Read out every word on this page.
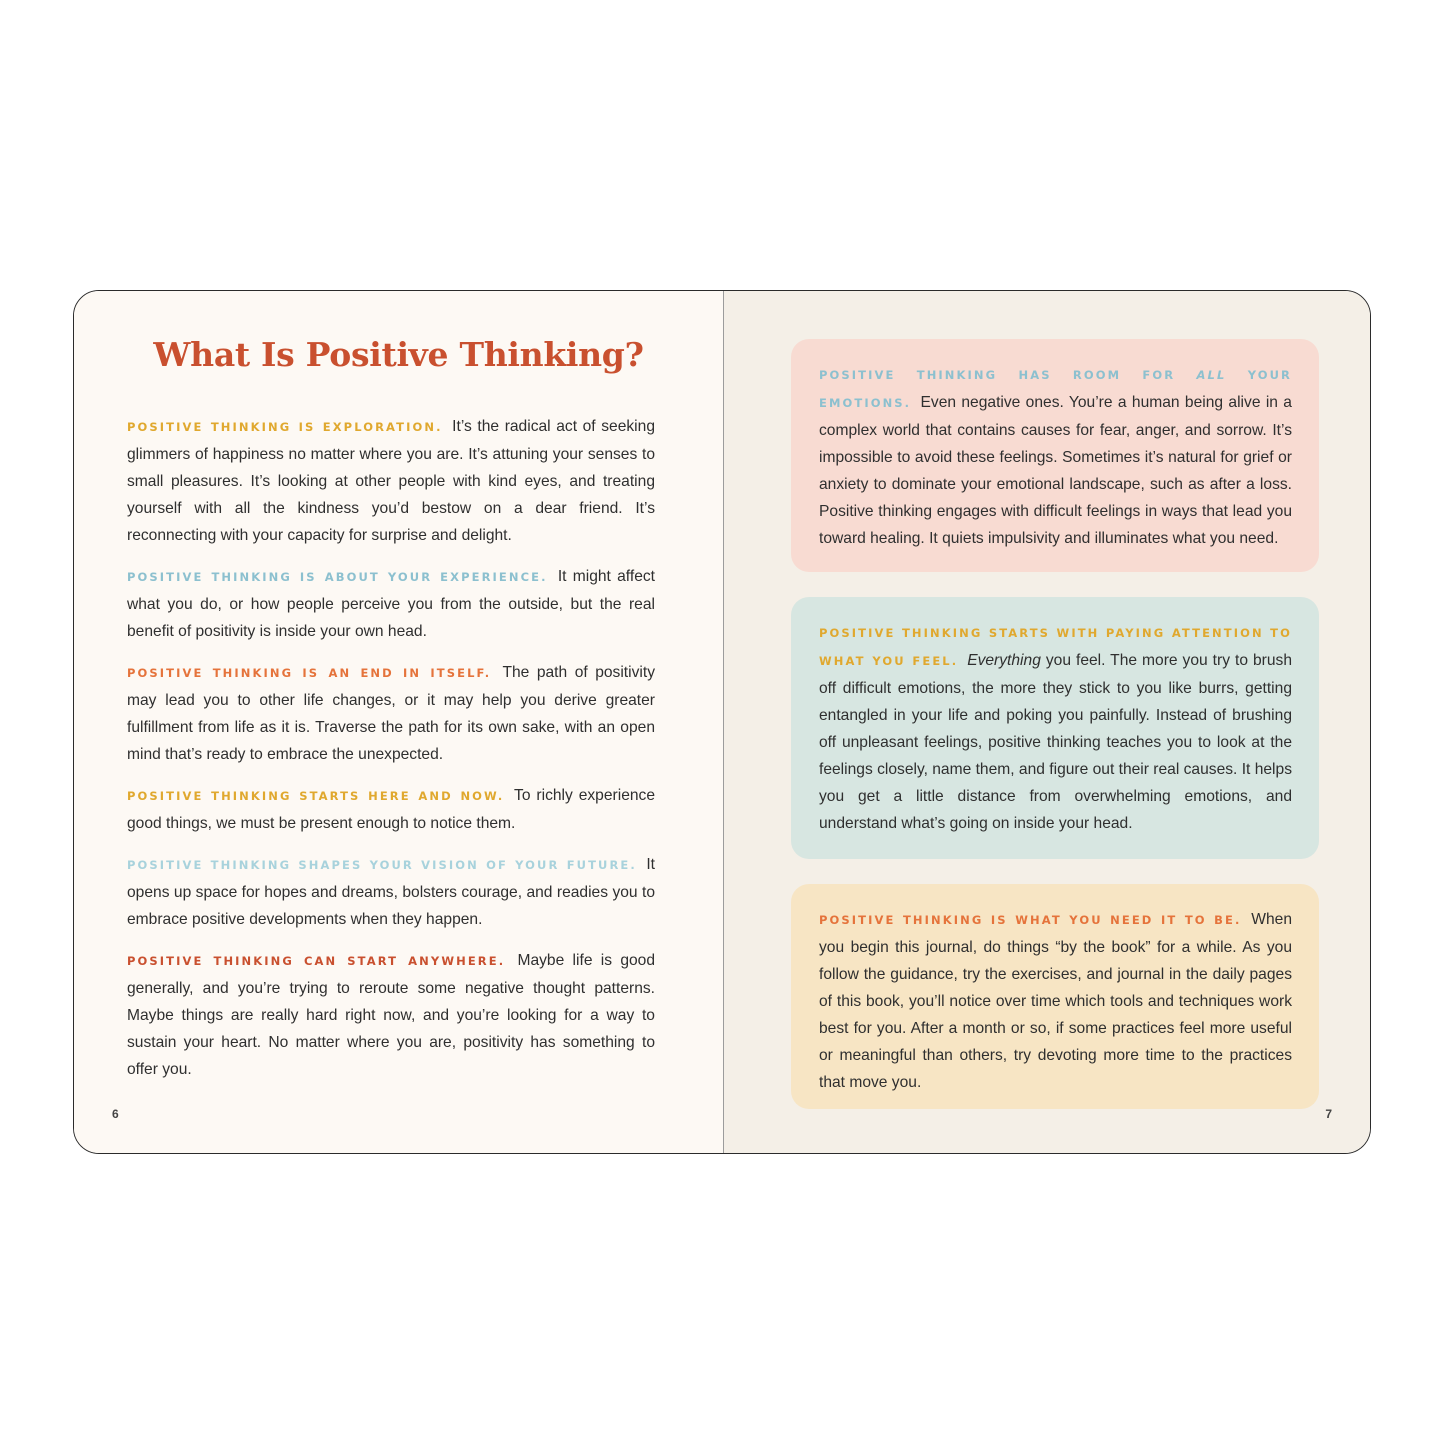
What Is Positive Thinking?

POSITIVE THINKING IS EXPLORATION. It’s the radical act of seeking glimmers of happiness no matter where you are. It’s attuning your senses to small pleasures. It’s looking at other people with kind eyes, and treating yourself with all the kindness you’d bestow on a dear friend. It’s reconnecting with your capacity for surprise and delight.

POSITIVE THINKING IS ABOUT YOUR EXPERIENCE. It might affect what you do, or how people perceive you from the outside, but the real benefit of positivity is inside your own head.

POSITIVE THINKING IS AN END IN ITSELF. The path of positivity may lead you to other life changes, or it may help you derive greater fulfillment from life as it is. Traverse the path for its own sake, with an open mind that’s ready to embrace the unexpected.

POSITIVE THINKING STARTS HERE AND NOW. To richly experience good things, we must be present enough to notice them.

POSITIVE THINKING SHAPES YOUR VISION OF YOUR FUTURE. It opens up space for hopes and dreams, bolsters courage, and readies you to embrace positive developments when they happen.

POSITIVE THINKING CAN START ANYWHERE. Maybe life is good generally, and you’re trying to reroute some negative thought patterns. Maybe things are really hard right now, and you’re looking for a way to sustain your heart. No matter where you are, positivity has something to offer you.

6

POSITIVE THINKING HAS ROOM FOR ALL YOUR EMOTIONS. Even negative ones. You’re a human being alive in a complex world that contains causes for fear, anger, and sorrow. It’s impossible to avoid these feelings. Sometimes it’s natural for grief or anxiety to dominate your emotional landscape, such as after a loss. Positive thinking engages with difficult feelings in ways that lead you toward healing. It quiets impulsivity and illuminates what you need.

POSITIVE THINKING STARTS WITH PAYING ATTENTION TO WHAT YOU FEEL. Everything you feel. The more you try to brush off difficult emotions, the more they stick to you like burrs, getting entangled in your life and poking you painfully. Instead of brushing off unpleasant feelings, positive thinking teaches you to look at the feelings closely, name them, and figure out their real causes. It helps you get a little distance from overwhelming emotions, and understand what’s going on inside your head.

POSITIVE THINKING IS WHAT YOU NEED IT TO BE. When you begin this journal, do things “by the book” for a while. As you follow the guidance, try the exercises, and journal in the daily pages of this book, you’ll notice over time which tools and techniques work best for you. After a month or so, if some practices feel more useful or meaningful than others, try devoting more time to the practices that move you.

7
